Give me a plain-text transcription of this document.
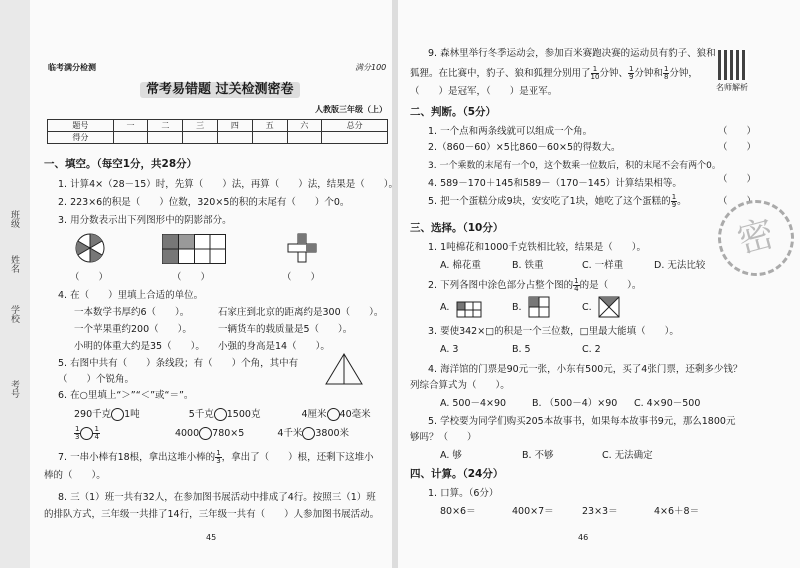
班级
姓名
学校
考号
临考满分检测	满分100
常考易错题 过关检测密卷
人教版三年级（上）
题号	一	二	三	四	五	六	总分
得分							
一、填空。（每空1分，共28分）
1. 计算4×（28－15）时，先算（　　）法，再算（　　）法，结果是（　　）。
2. 223×6的积是（　　）位数，320×5的积的末尾有（　　）个0。
3. 用分数表示出下列图形中的阴影部分。
（　　）	（　　）	（　　）
4. 在（　　）里填上合适的单位。
一本数学书厚约6（　　）。	石家庄到北京的距离约是300（　　）。
一个苹果重约200（　　）。	一辆货车的载质量是5（　　）。
小明的体重大约是35（　　）。 小强的身高是14（　　）。
5. 右图中共有（　　）条线段；有（　　）个角，其中有
（　　）个锐角。
6. 在○里填上“＞”“＜”或“＝”。
290千克 1吨	5千克 1500克	4厘米 40毫米
$\frac{1}{3} \frac{1}{4}$	4000 780×5	4千米 3800米
7. 一串小棒有18根，拿出这堆小棒的 $\frac{1}{3}$，拿出了（　　）根，还剩下这堆小
棒的（　　）。
8. 三（1）班一共有32人，在参加图书展活动中排成了4行。按照三（1）班
的排队方式，三年级一共排了14行，三年级一共有（　　）人参加图书展活动。
45
9. 森林里举行冬季运动会，参加百米赛跑决赛的运动员有豹子、狼和
狐狸。在比赛中，豹子、狼和狐狸分别用了 $\frac{1}{10}$分钟、 $\frac{1}{9}$分钟和 $\frac{1}{8}$分钟，
（　　）是冠军，（　　）是亚军。	名师解析
二、判断。（5分）
1. 一个点和两条线就可以组成一个角。	（　　）
2.（860－60）×5比860－60×5的得数大。	（　　）
3. 一个乘数的末尾有一个0，这个数乘一位数后，积的末尾不会有两个0。
（　　）
4. 589－170＋145和589－（170－145）计算结果相等。
（　　）
5. 把一个蛋糕分成9块，安安吃了1块，她吃了这个蛋糕的 $\frac{1}{9}$。
密
三、选择。（10分）
1. 1吨棉花和1000千克铁相比较，结果是（　　）。
A. 棉花重	B. 铁重	C. 一样重	D. 无法比较
2. 下列各图中涂色部分占整个图的 $\frac{1}{4}$的是（　　）。
A.	B.	C.
3. 要使342×□的积是一个三位数，□里最大能填（　　）。
A. 3	B. 5	C. 2
4. 海洋馆的门票是90元一张，小东有500元，买了4张门票，还剩多少钱？
列综合算式为（　　）。
A. 500－4×90	B. （500－4）×90 C. 4×90－500
5. 学校要为同学们购买205本故事书，如果每本故事书9元，那么1800元
够吗？（　　）
A. 够	B. 不够	C. 无法确定
四、计算。（24分）
1. 口算。（6分）
80×6＝	400×7＝	23×3＝	4×6＋8＝
46
